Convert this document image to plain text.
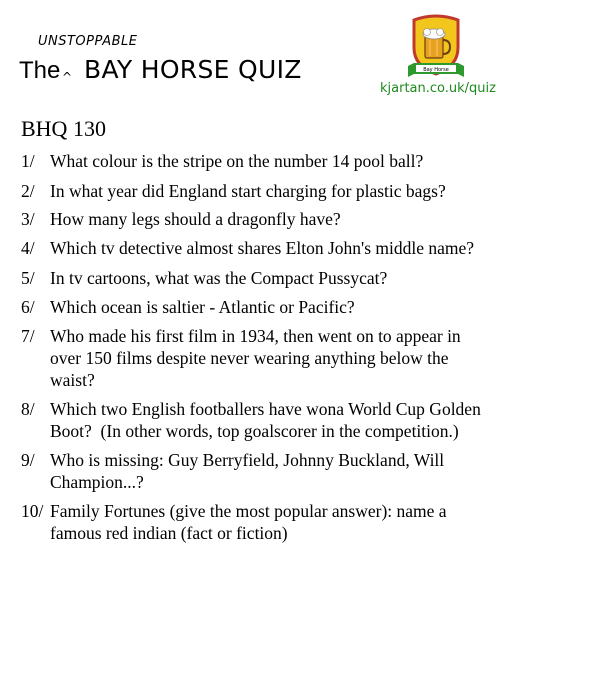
UNSTOPPABLE
The ^ BAY HORSE QUIZ	Bay Horse
kjartan.co.uk/quiz
BHQ 130
1/ What colour is the stripe on the number 14 pool ball?
2/ In what year did England start charging for plastic bags?
3/ How many legs should a dragonfly have?
4/ Which tv detective almost shares Elton John's middle name?
5/ In tv cartoons, what was the Compact Pussycat?
6/ Which ocean is saltier - Atlantic or Pacific?
7/ Who made his first film in 1934, then went on to appear in
over 150 films despite never wearing anything below the
waist?
8/ Which two English footballers have wona World Cup Golden
Boot?  (In other words, top goalscorer in the competition.)
9/ Who is missing: Guy Berryfield, Johnny Buckland, Will
Champion...?
10/ Family Fortunes (give the most popular answer): name a
famous red indian (fact or fiction)
